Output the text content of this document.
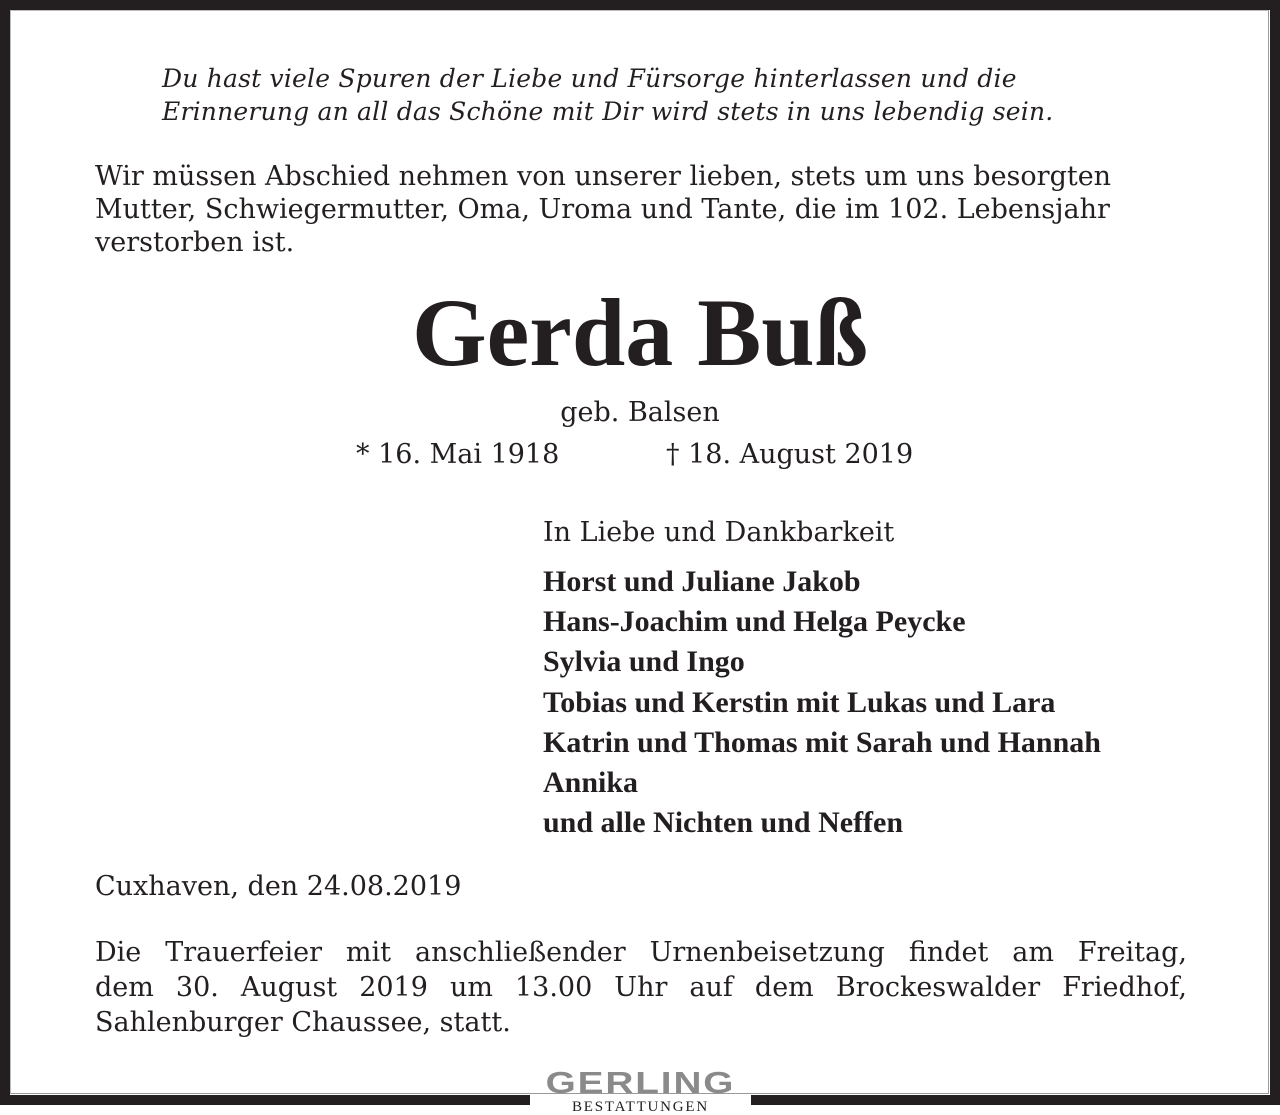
Du hast viele Spuren der Liebe und Fürsorge hinterlassen und die
Erinnerung an all das Schöne mit Dir wird stets in uns lebendig sein.
Wir müssen Abschied nehmen von unserer lieben, stets um uns besorgten
Mutter, Schwiegermutter, Oma, Uroma und Tante, die im 102. Lebensjahr
verstorben ist.
Gerda Buß
geb. Balsen
* 16. Mai 1918	† 18. August 2019
In Liebe und Dankbarkeit
Horst und Juliane Jakob
Hans-Joachim und Helga Peycke
Sylvia und Ingo
Tobias und Kerstin mit Lukas und Lara
Katrin und Thomas mit Sarah und Hannah
Annika
und alle Nichten und Neffen
Cuxhaven, den 24.08.2019
Die Trauerfeier mit anschließender Urnenbeisetzung findet am Freitag,
dem 30. August 2019 um 13.00 Uhr auf dem Brockeswalder Friedhof,
Sahlenburger Chaussee, statt.
GERLING
BESTATTUNGEN
